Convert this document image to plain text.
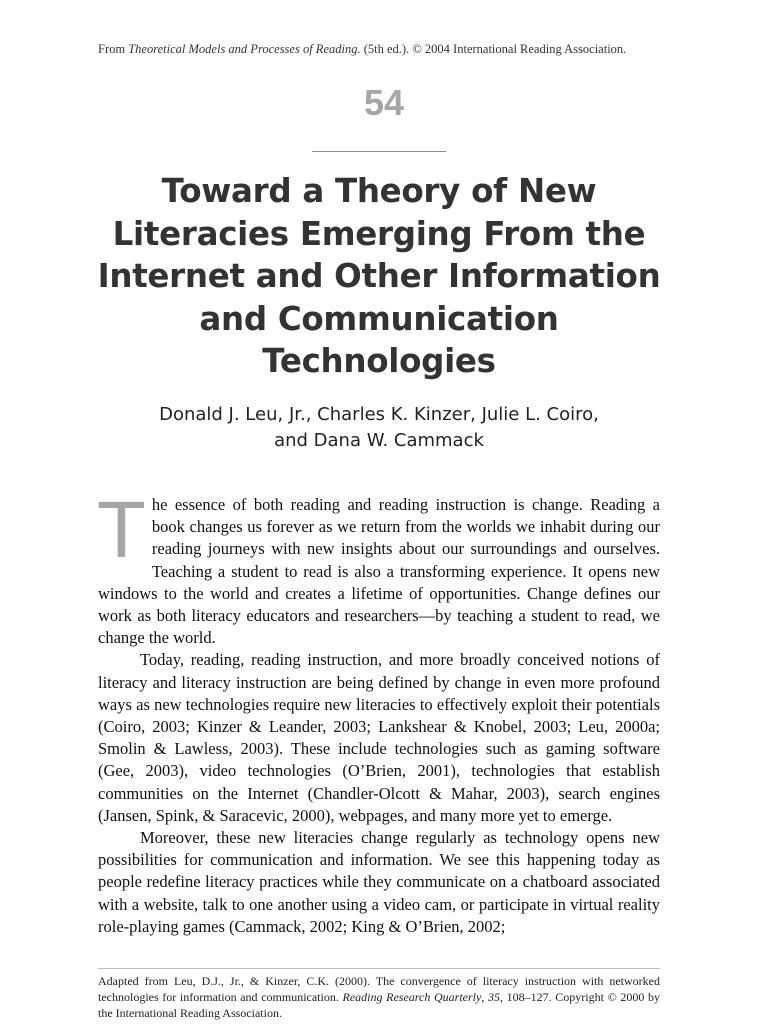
From Theoretical Models and Processes of Reading. (5th ed.). © 2004 International Reading Association.
54
Toward a Theory of New Literacies Emerging From the Internet and Other Information and Communication Technologies
Donald J. Leu, Jr., Charles K. Kinzer, Julie L. Coiro,
and Dana W. Cammack

The essence of both reading and reading instruction is change. Reading a book changes us forever as we return from the worlds we inhabit during our reading journeys with new insights about our surroundings and ourselves. Teaching a student to read is also a transforming experience. It opens new windows to the world and creates a lifetime of opportunities. Change defines our work as both literacy educators and researchers—by teaching a student to read, we change the world.

Today, reading, reading instruction, and more broadly conceived notions of literacy and literacy instruction are being defined by change in even more profound ways as new technologies require new literacies to effectively exploit their potentials (Coiro, 2003; Kinzer & Leander, 2003; Lankshear & Knobel, 2003; Leu, 2000a; Smolin & Lawless, 2003). These include technologies such as gaming software (Gee, 2003), video technologies (O’Brien, 2001), technologies that establish communities on the Internet (Chandler-Olcott & Mahar, 2003), search engines (Jansen, Spink, & Saracevic, 2000), webpages, and many more yet to emerge.

Moreover, these new literacies change regularly as technology opens new possibilities for communication and information. We see this happening today as people redefine literacy practices while they communicate on a chatboard associated with a website, talk to one another using a video cam, or participate in virtual reality role-playing games (Cammack, 2002; King & O’Brien, 2002;

Adapted from Leu, D.J., Jr., & Kinzer, C.K. (2000). The convergence of literacy instruction with networked technologies for information and communication. Reading Research Quarterly, 35, 108–127. Copyright © 2000 by the International Reading Association.
